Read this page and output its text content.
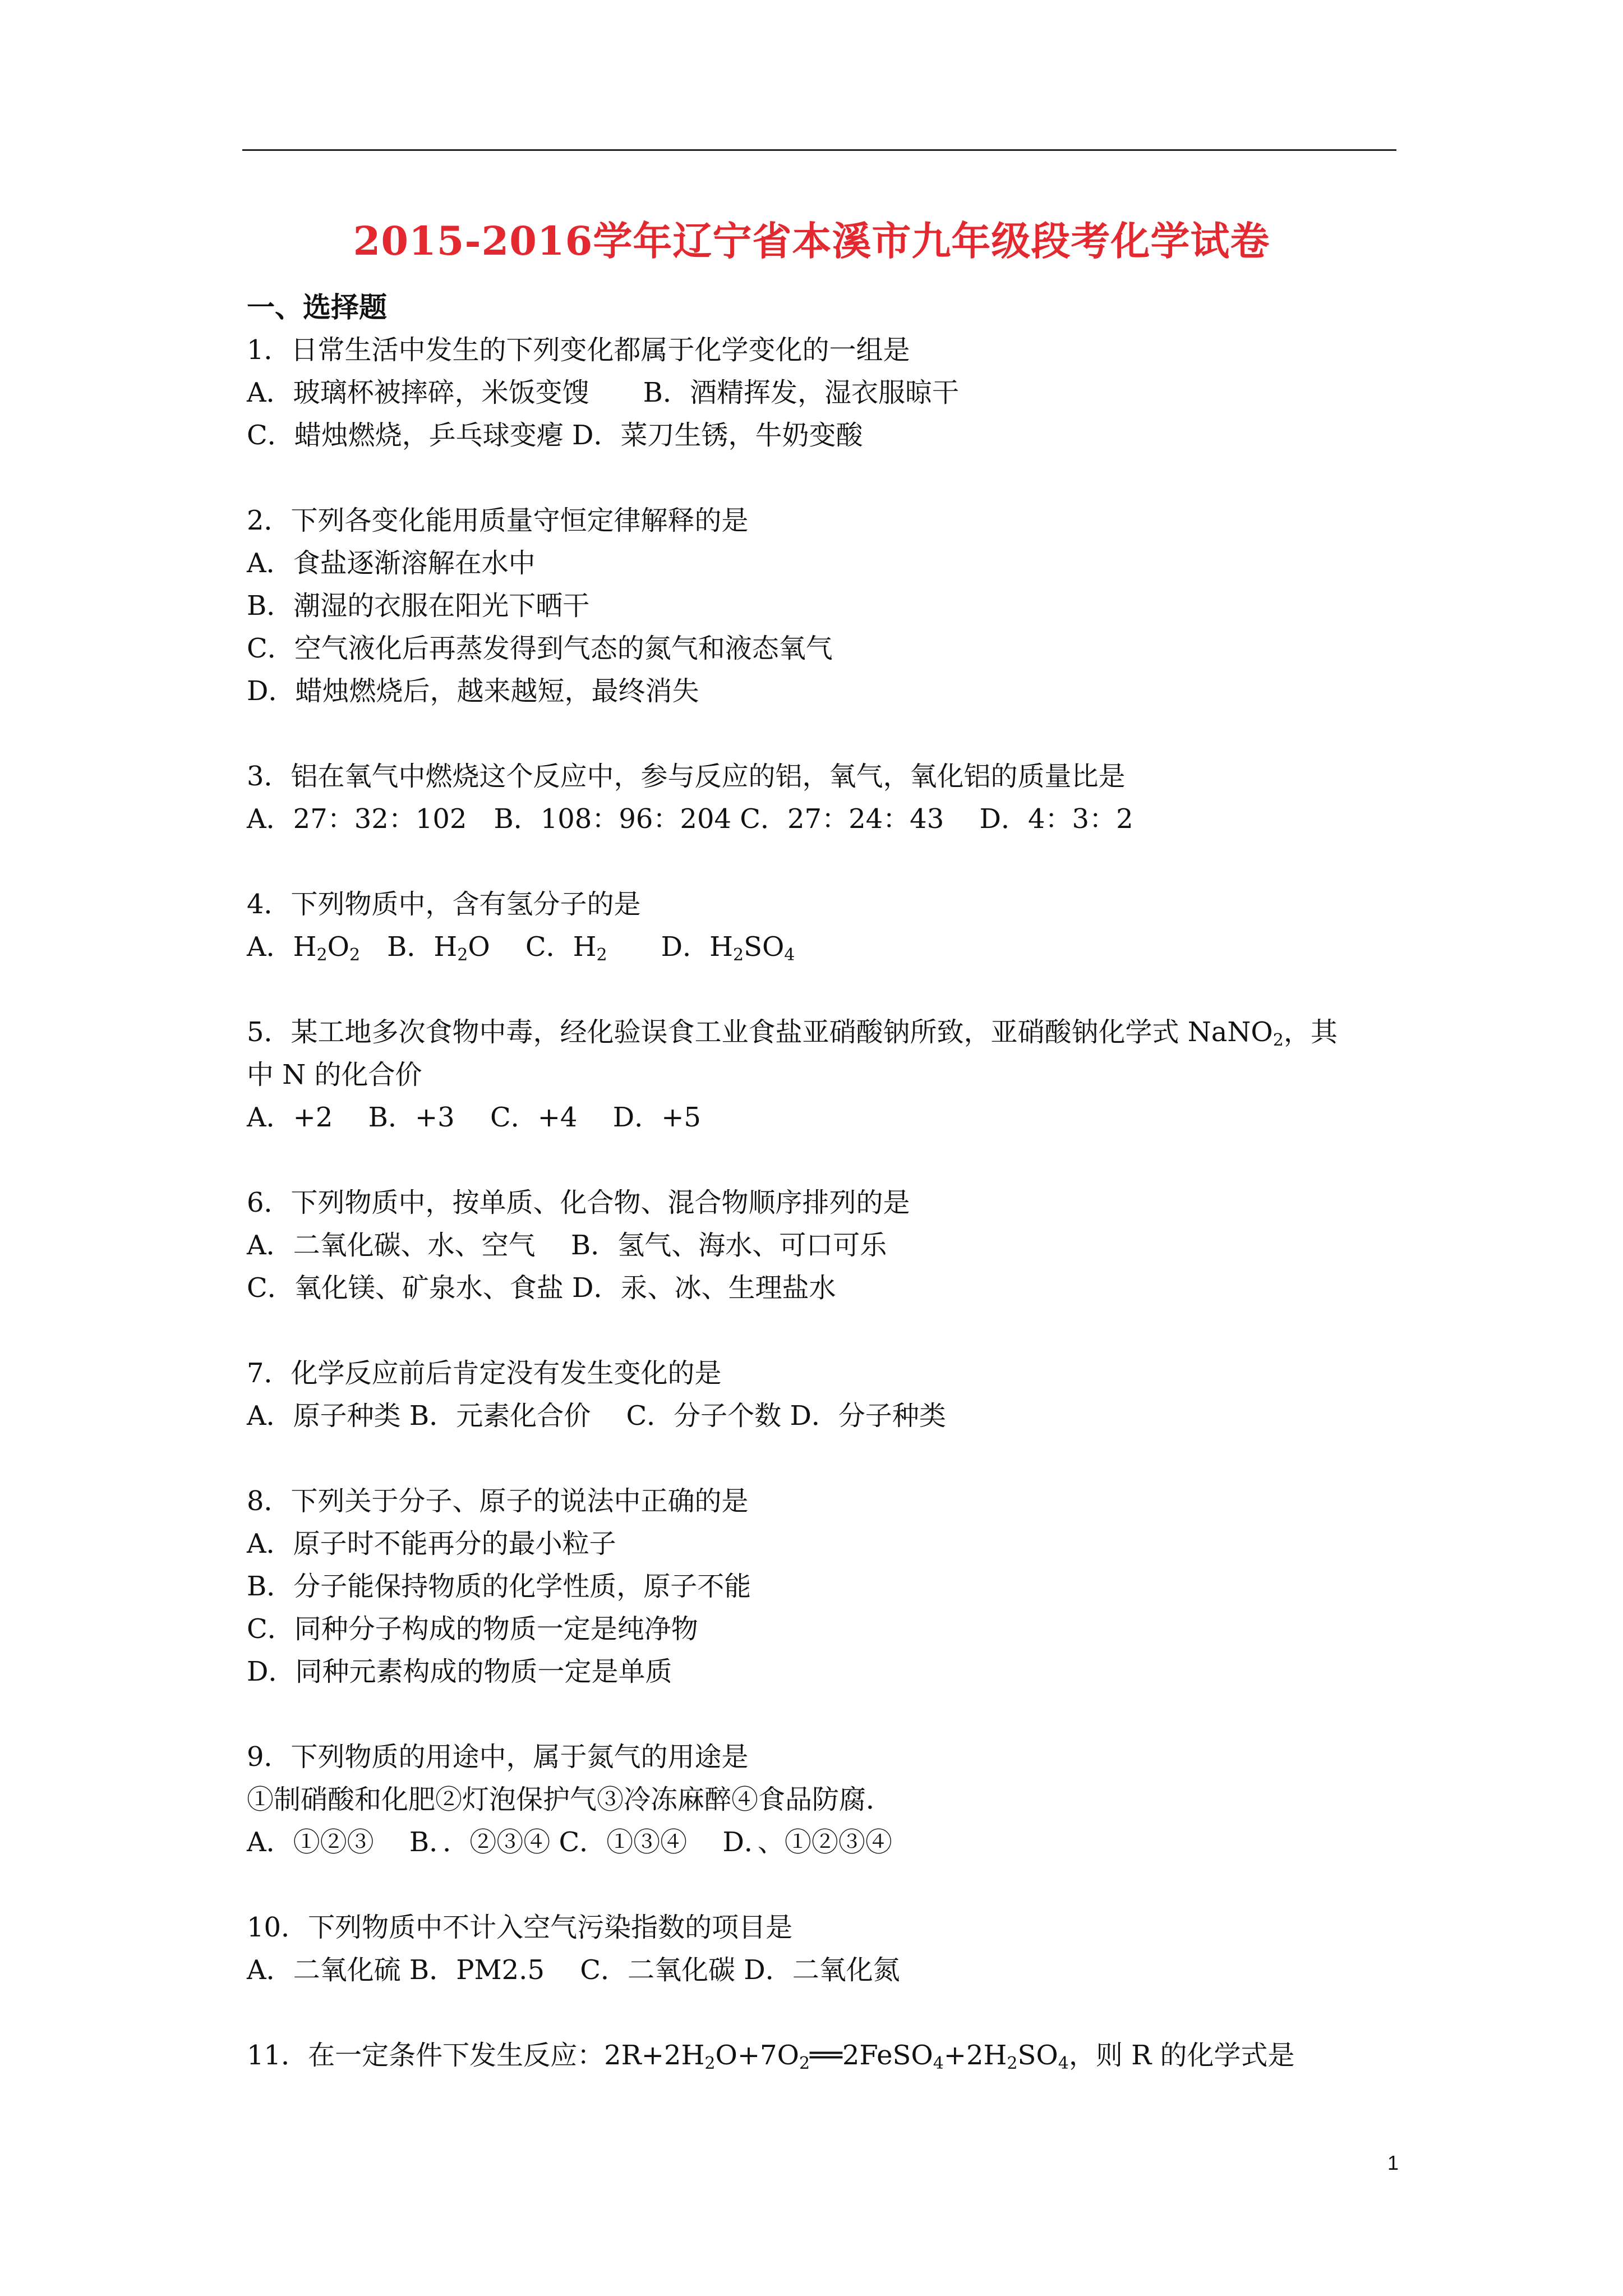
2015-2016学年辽宁省本溪市九年级段考化学试卷

一、选择题

1．日常生活中发生的下列变化都属于化学变化的一组是

A．玻璃杯被摔碎，米饭变馊　　B．酒精挥发，湿衣服晾干

C．蜡烛燃烧，乒乓球变瘪 D．菜刀生锈，牛奶变酸

2．下列各变化能用质量守恒定律解释的是

A．食盐逐渐溶解在水中

B．潮湿的衣服在阳光下晒干

C．空气液化后再蒸发得到气态的氮气和液态氧气

D．蜡烛燃烧后，越来越短，最终消失

3．铝在氧气中燃烧这个反应中，参与反应的铝，氧气，氧化铝的质量比是

A．27：32：102　B．108：96：204 C．27：24：43　 D．4：3：2

4．下列物质中，含有氢分子的是

A．$H_2O_2$　B．$H_2O$　 C．$H_2$　　D．$H_2SO_4$

5．某工地多次食物中毒，经化验误食工业食盐亚硝酸钠所致，亚硝酸钠化学式 NaNO$_2$，其

中 N 的化合价

A．+2　 B．+3　 C．+4　 D．+5

6．下列物质中，按单质、化合物、混合物顺序排列的是

A．二氧化碳、水、空气　 B．氢气、海水、可口可乐

C．氧化镁、矿泉水、食盐 D．汞、冰、生理盐水

7．化学反应前后肯定没有发生变化的是

A．原子种类 B．元素化合价　 C．分子个数 D．分子种类

8．下列关于分子、原子的说法中正确的是

A．原子时不能再分的最小粒子

B．分子能保持物质的化学性质，原子不能

C．同种分子构成的物质一定是纯净物

D．同种元素构成的物质一定是单质

9．下列物质的用途中，属于氮气的用途是

①制硝酸和化肥②灯泡保护气③冷冻麻醉④食品防腐．

A．①②③　 B．．②③④ C．①③④　 D．、①②③④

10．下列物质中不计入空气污染指数的项目是

A．二氧化硫 B．PM2.5　 C．二氧化碳 D．二氧化氮

11．在一定条件下发生反应：$2R+2H_2O+7O_2══2FeSO_4+2H_2SO_4$，则 R 的化学式是

1
